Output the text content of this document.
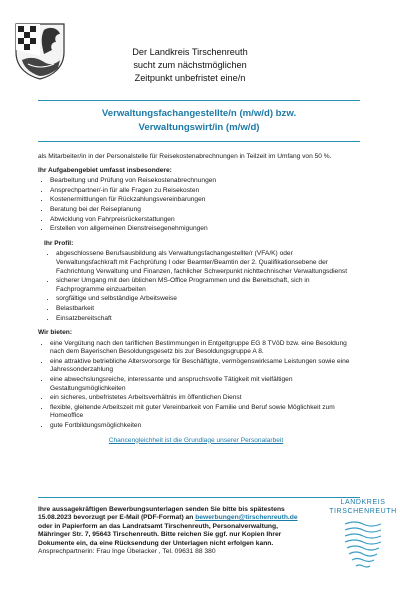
Der Landkreis Tirschenreuth
sucht zum nächstmöglichen
Zeitpunkt unbefristet eine/n
Verwaltungsfachangestellte/n (m/w/d) bzw.
Verwaltungswirt/in (m/w/d)

als Mitarbeiter/in in der Personalstelle für Reisekostenabrechnungen in Teilzeit im Umfang von 50 %.

Ihr Aufgabengebiet umfasst insbesondere:
• Bearbeitung und Prüfung von Reisekostenabrechnungen
• Ansprechpartner/-in für alle Fragen zu Reisekosten
• Kostenermittlungen für Rückzahlungsvereinbarungen
• Beratung bei der Reiseplanung
• Abwicklung von Fahrpreisrückerstattungen
• Erstellen von allgemeinen Dienstreisegenehmigungen
Ihr Profil:
• abgeschlossene Berufsausbildung als Verwaltungsfachangestellte/r (VFA/K) oder Verwaltungsfachkraft mit Fachprüfung I oder Beamter/Beamtin der 2. Qualifikationsebene der Fachrichtung Verwaltung und Finanzen, fachlicher Schwerpunkt nichttechnischer Verwaltungsdienst
• sicherer Umgang mit den üblichen MS-Office Programmen und die Bereitschaft, sich in Fachprogramme einzuarbeiten
• sorgfältige und selbständige Arbeitsweise
• Belastbarkeit
• Einsatzbereitschaft
Wir bieten:
• eine Vergütung nach den tariflichen Bestimmungen in Entgeltgruppe EG 8 TVöD bzw. eine Besoldung nach dem Bayerischen Besoldungsgesetz bis zur Besoldungsgruppe A 8.
• eine attraktive betriebliche Altersvorsorge für Beschäftigte, vermögenswirksame Leistungen sowie eine Jahressonderzahlung
• eine abwechslungsreiche, interessante und anspruchsvolle Tätigkeit mit vielfältigen Gestaltungsmöglichkeiten
• ein sicheres, unbefristetes Arbeitsverhältnis im öffentlichen Dienst
• flexible, gleitende Arbeitszeit mit guter Vereinbarkeit von Familie und Beruf sowie Möglichkeit zum Homeoffice
• gute Fortbildungsmöglichkeiten
Chancengleichheit ist die Grundlage unserer Personalarbeit
Ihre aussagekräftigen Bewerbungsunterlagen senden Sie bitte bis spätestens 15.08.2023 bevorzugt per E-Mail (PDF-Format) an bewerbungen@tirschenreuth.de oder in Papierform an das Landratsamt Tirschenreuth, Personalverwaltung, Mähringer Str. 7, 95643 Tirschenreuth. Bitte reichen Sie ggf. nur Kopien Ihrer Dokumente ein, da eine Rücksendung der Unterlagen nicht erfolgen kann.
Ansprechpartnerin: Frau Inge Übelacker , Tel. 09631 88 380
LANDKREIS
TIRSCHENREUTH
